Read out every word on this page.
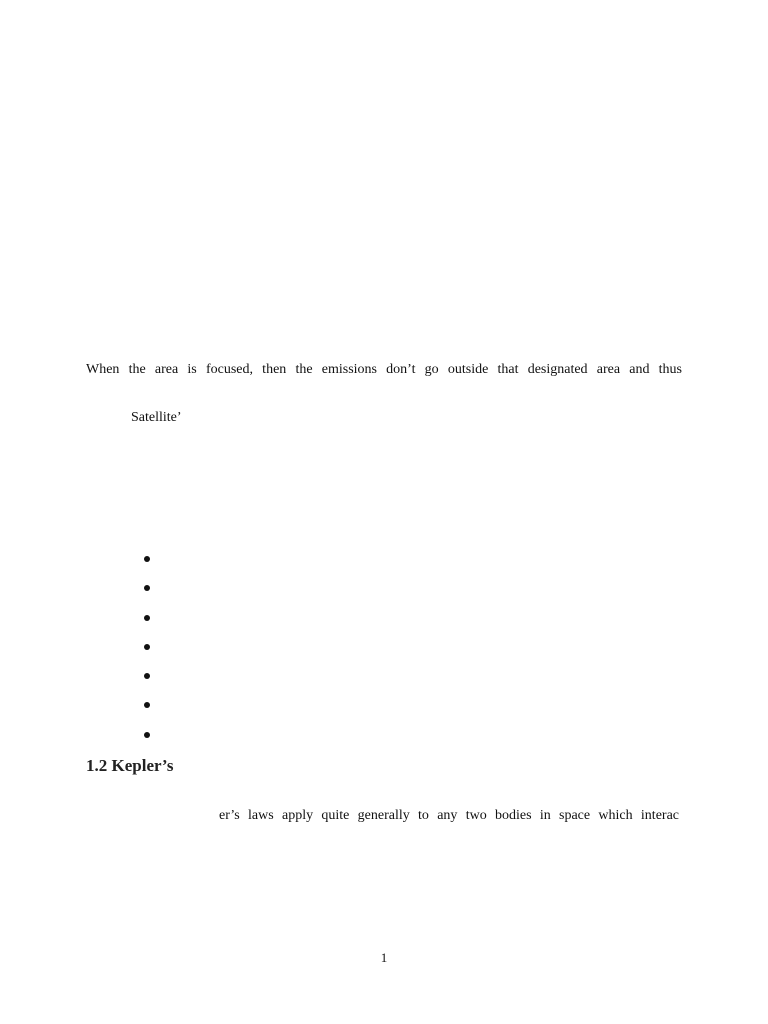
When the area is focused, then the emissions don’t go outside that designated area and thus
Satellite’
1.2 Kepler’s
er’s laws apply quite generally to any two bodies in space which interac
1
